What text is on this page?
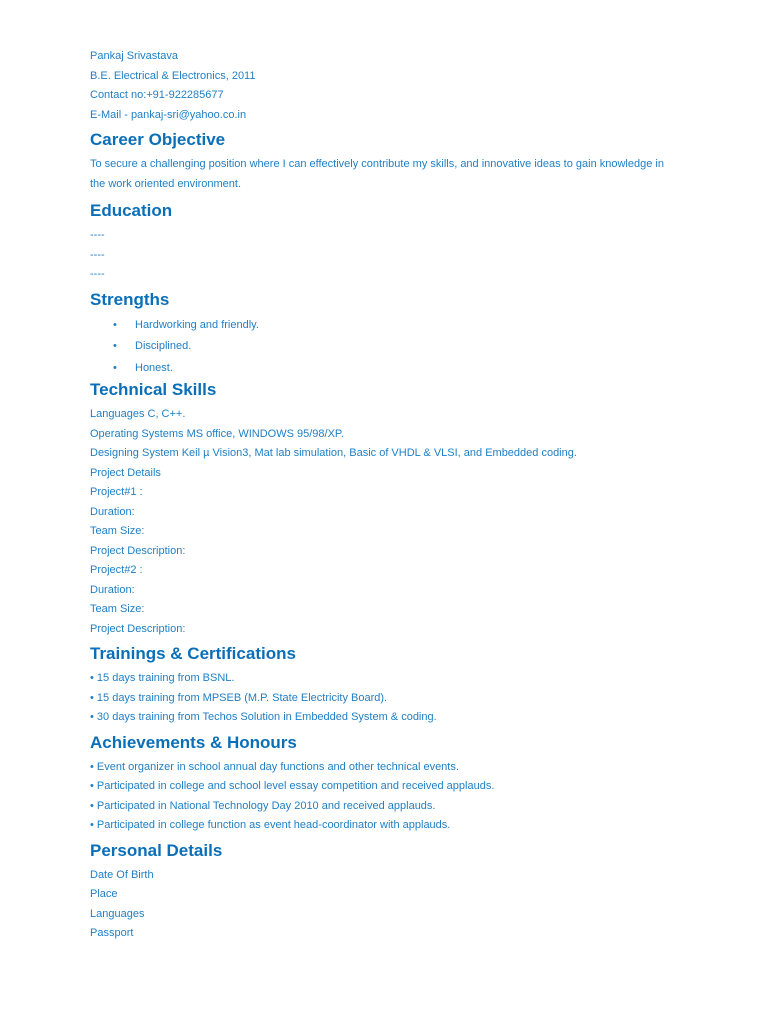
Pankaj Srivastava
B.E. Electrical & Electronics, 2011
Contact no:+91-922285677
E-Mail - pankaj-sri@yahoo.co.in
Career Objective
To secure a challenging position where I can effectively contribute my skills, and innovative ideas to gain knowledge in the work oriented environment.
Education
----
----
----
Strengths
• Hardworking and friendly.
• Disciplined.
• Honest.
Technical Skills
Languages C, C++.
Operating Systems MS office, WINDOWS 95/98/XP.
Designing System Keil µ Vision3, Mat lab simulation, Basic of VHDL & VLSI, and Embedded coding.
Project Details
Project#1 :
Duration:
Team Size:
Project Description:
Project#2 :
Duration:
Team Size:
Project Description:
Trainings & Certifications
• 15 days training from BSNL.
• 15 days training from MPSEB (M.P. State Electricity Board).
• 30 days training from Techos Solution in Embedded System & coding.
Achievements & Honours
• Event organizer in school annual day functions and other technical events.
• Participated in college and school level essay competition and received applauds.
• Participated in National Technology Day 2010 and received applauds.
• Participated in college function as event head-coordinator with applauds.
Personal Details
Date Of Birth
Place
Languages
Passport
